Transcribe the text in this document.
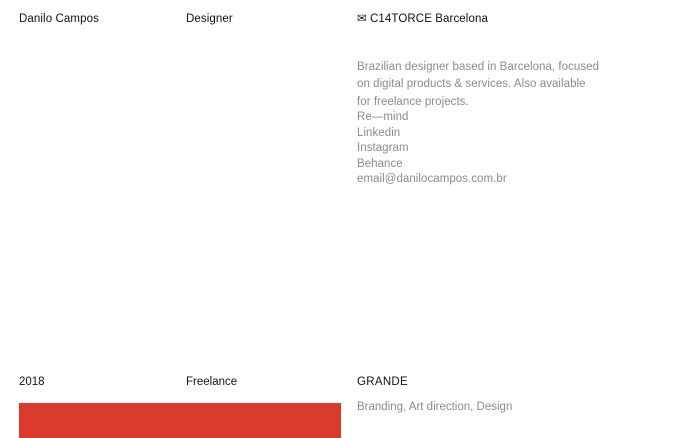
Danilo Campos	Designer	✉ C14TORCE Barcelona

Brazilian designer based in Barcelona, focused on digital products & services. Also available for freelance projects.

Re—mind
Linkedin
Instagram
Behance
email@danilocampos.com.br
2018	Freelance	GRANDE
Branding, Art direction, Design
